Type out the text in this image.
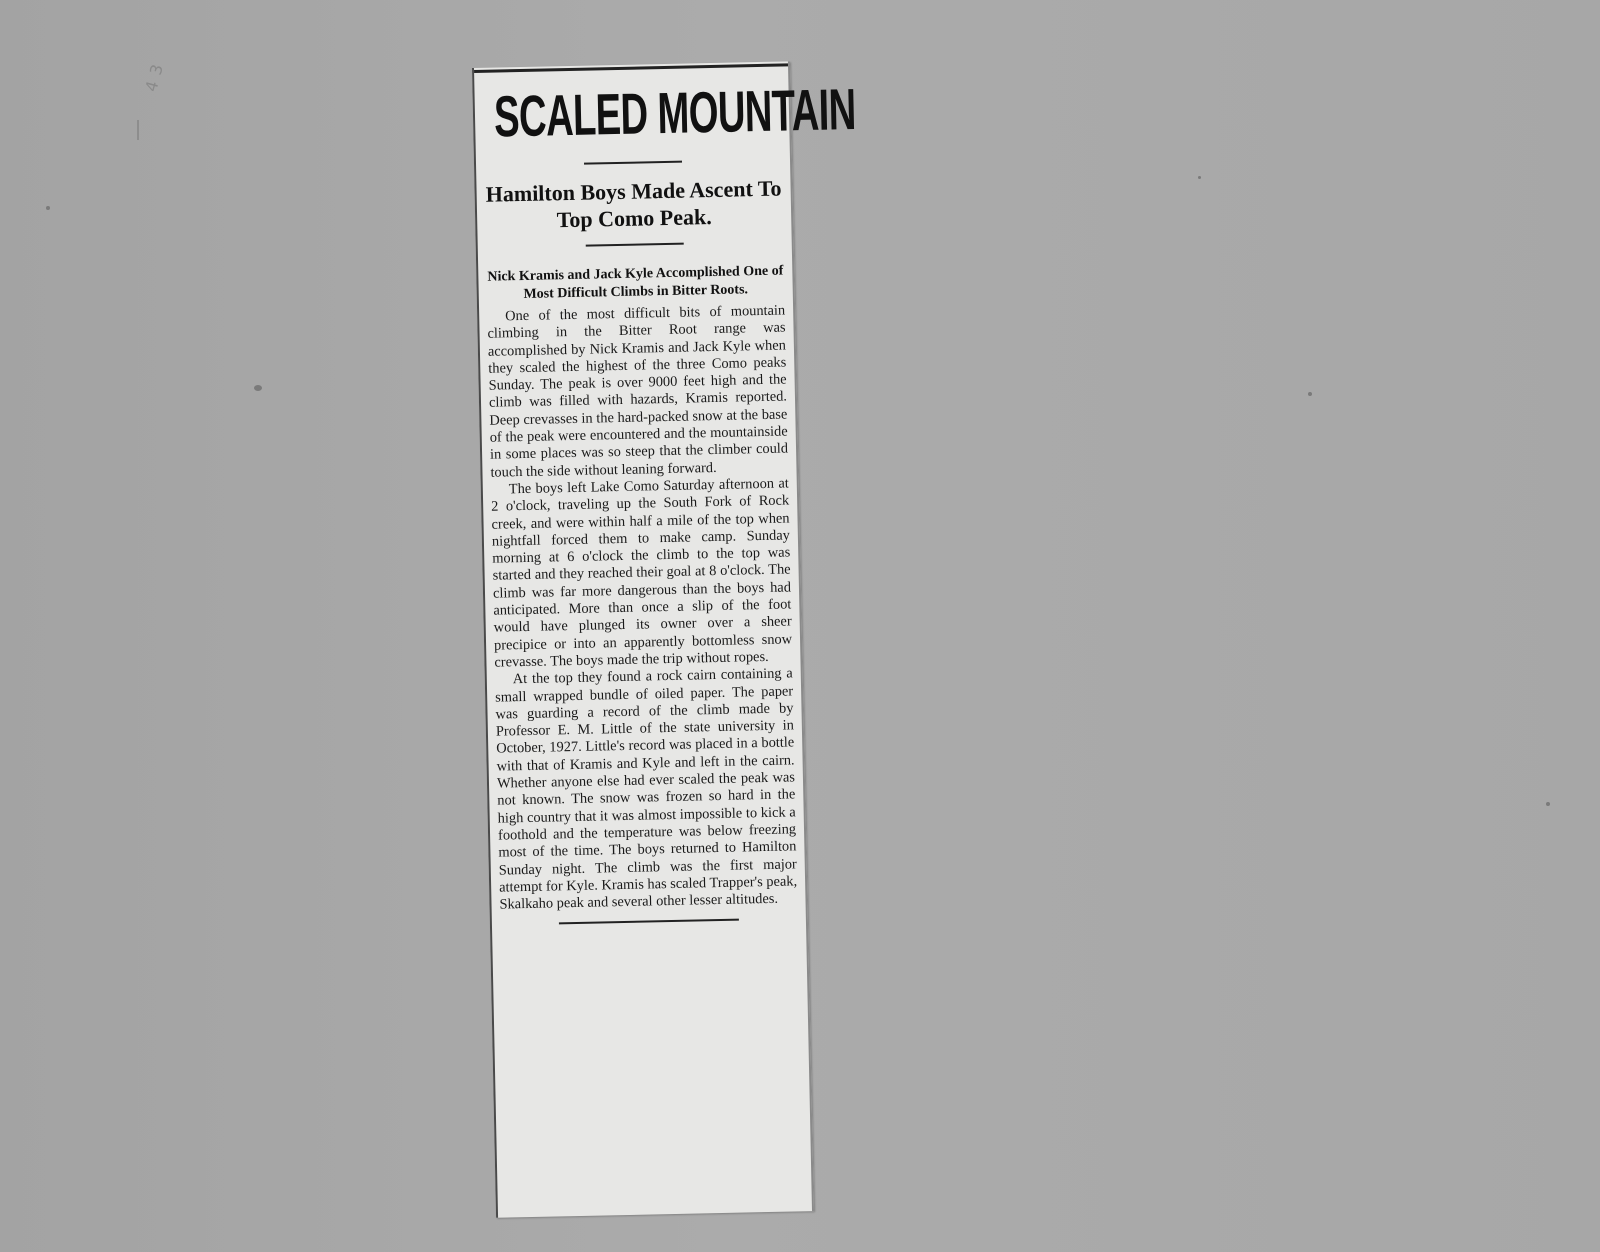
4 3	SCALED MOUNTAIN
Hamilton Boys Made Ascent To Top Como Peak.
Nick Kramis and Jack Kyle Accomplished One of Most Difficult Climbs in Bitter Roots.

One of the most difficult bits of mountain climbing in the Bitter Root range was accomplished by Nick Kramis and Jack Kyle when they scaled the highest of the three Como peaks Sunday. The peak is over 9000 feet high and the climb was filled with hazards, Kramis reported. Deep crevasses in the hard-packed snow at the base of the peak were encountered and the mountainside in some places was so steep that the climber could touch the side without leaning forward.

The boys left Lake Como Saturday afternoon at 2 o'clock, traveling up the South Fork of Rock creek, and were within half a mile of the top when nightfall forced them to make camp. Sunday morning at 6 o'clock the climb to the top was started and they reached their goal at 8 o'clock. The climb was far more dangerous than the boys had anticipated. More than once a slip of the foot would have plunged its owner over a sheer precipice or into an apparently bottomless snow crevasse. The boys made the trip without ropes.

At the top they found a rock cairn containing a small wrapped bundle of oiled paper. The paper was guarding a record of the climb made by Professor E. M. Little of the state university in October, 1927. Little's record was placed in a bottle with that of Kramis and Kyle and left in the cairn. Whether anyone else had ever scaled the peak was not known. The snow was frozen so hard in the high country that it was almost impossible to kick a foothold and the temperature was below freezing most of the time. The boys returned to Hamilton Sunday night. The climb was the first major attempt for Kyle. Kramis has scaled Trapper's peak, Skalkaho peak and several other lesser altitudes.
